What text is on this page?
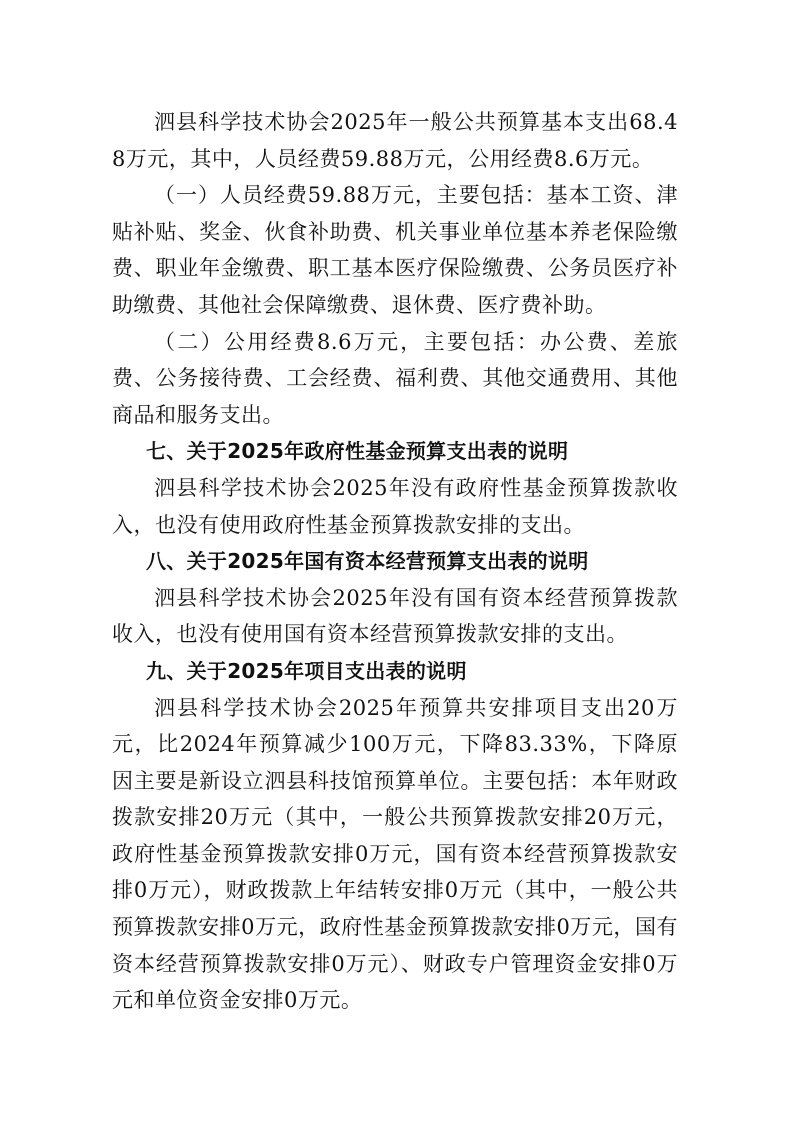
泗县科学技术协会2025年一般公共预算基本支出68.48万元，其中，人员经费59.88万元，公用经费8.6万元。

（一）人员经费59.88万元，主要包括：基本工资、津贴补贴、奖金、伙食补助费、机关事业单位基本养老保险缴费、职业年金缴费、职工基本医疗保险缴费、公务员医疗补助缴费、其他社会保障缴费、退休费、医疗费补助。

（二）公用经费8.6万元，主要包括：办公费、差旅费、公务接待费、工会经费、福利费、其他交通费用、其他商品和服务支出。

七、关于2025年政府性基金预算支出表的说明

泗县科学技术协会2025年没有政府性基金预算拨款收入，也没有使用政府性基金预算拨款安排的支出。

八、关于2025年国有资本经营预算支出表的说明

泗县科学技术协会2025年没有国有资本经营预算拨款收入，也没有使用国有资本经营预算拨款安排的支出。

九、关于2025年项目支出表的说明

泗县科学技术协会2025年预算共安排项目支出20万元，比2024年预算减少100万元，下降83.33%，下降原因主要是新设立泗县科技馆预算单位。主要包括：本年财政拨款安排20万元（其中，一般公共预算拨款安排20万元，政府性基金预算拨款安排0万元，国有资本经营预算拨款安排0万元），财政拨款上年结转安排0万元（其中，一般公共预算拨款安排0万元，政府性基金预算拨款安排0万元，国有资本经营预算拨款安排0万元）、财政专户管理资金安排0万元和单位资金安排0万元。
